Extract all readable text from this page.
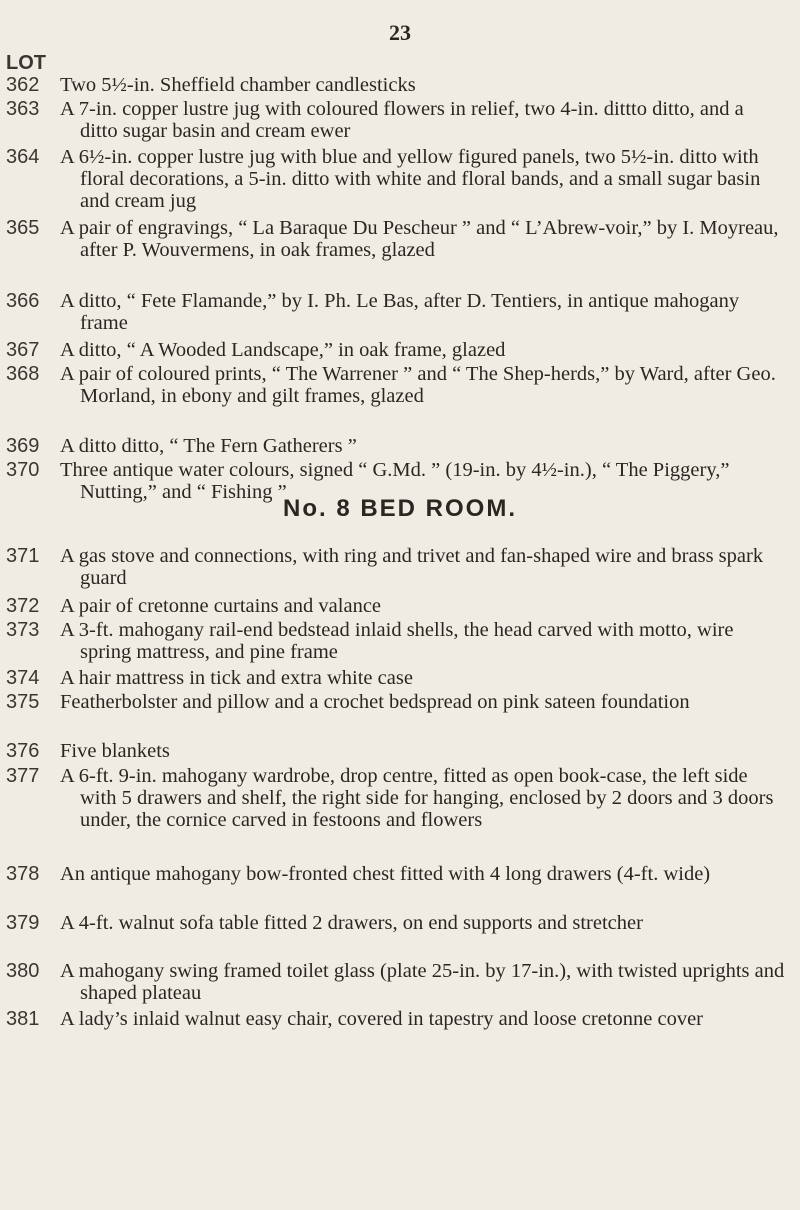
23
LOT
362	Two 5½-in. Sheffield chamber candlesticks
363	A 7-in. copper lustre jug with coloured flowers in relief, two 4-in. dittto ditto, and a ditto sugar basin and cream ewer
364	A 6½-in. copper lustre jug with blue and yellow figured panels, two 5½-in. ditto with floral decorations, a 5-in. ditto with white and floral bands, and a small sugar basin and cream jug
365	A pair of engravings, “ La Baraque Du Pescheur ” and “ L’Abrew-voir,” by I. Moyreau, after P. Wouvermens, in oak frames, glazed
366	A ditto, “ Fete Flamande,” by I. Ph. Le Bas, after D. Tentiers, in antique mahogany frame
367	A ditto, “ A Wooded Landscape,” in oak frame, glazed
368	A pair of coloured prints, “ The Warrener ” and “ The Shep-herds,” by Ward, after Geo. Morland, in ebony and gilt frames, glazed
No. 8 BED ROOM.
369	A ditto ditto, “ The Fern Gatherers ”
370	Three antique water colours, signed “ G.Md. ” (19-in. by 4½-in.), “ The Piggery,” Nutting,” and “ Fishing ”
371	A gas stove and connections, with ring and trivet and fan-shaped wire and brass spark guard
372	A pair of cretonne curtains and valance
373	A 3-ft. mahogany rail-end bedstead inlaid shells, the head carved with motto, wire spring mattress, and pine frame
374	A hair mattress in tick and extra white case
375	Featherbolster and pillow and a crochet bedspread on pink sateen foundation
376	Five blankets
377	A 6-ft. 9-in. mahogany wardrobe, drop centre, fitted as open book-case, the left side with 5 drawers and shelf, the right side for hanging, enclosed by 2 doors and 3 doors under, the cornice carved in festoons and flowers
378	An antique mahogany bow-fronted chest fitted with 4 long drawers (4-ft. wide)
379	A 4-ft. walnut sofa table fitted 2 drawers, on end supports and stretcher
380	A mahogany swing framed toilet glass (plate 25-in. by 17-in.), with twisted uprights and shaped plateau
381	A lady’s inlaid walnut easy chair, covered in tapestry and loose cretonne cover
